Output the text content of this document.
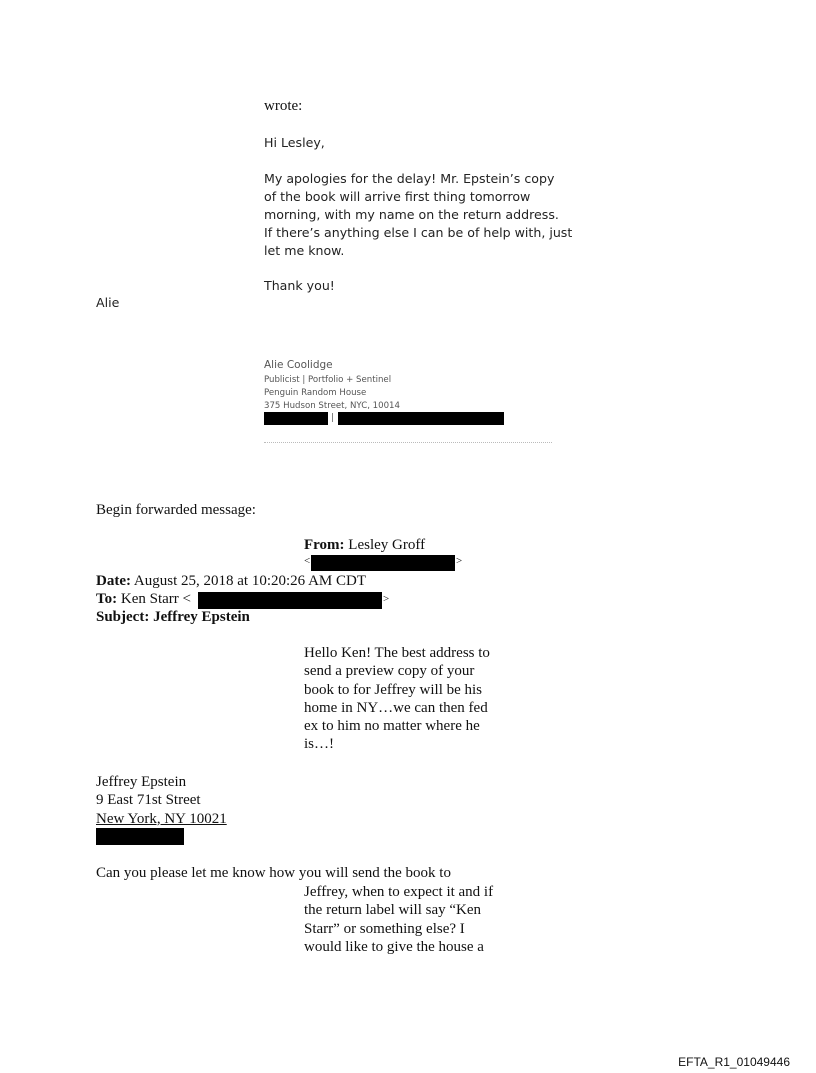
wrote:
Hi Lesley,
My apologies for the delay! Mr. Epstein’s copy
of the book will arrive first thing tomorrow
morning, with my name on the return address.
If there’s anything else I can be of help with, just
let me know.
Thank you!
Alie
Alie Coolidge
Publicist | Portfolio + Sentinel
Penguin Random House
375 Hudson Street, NYC, 10014
|
Begin forwarded message:
From: Lesley Groff
<	>
Date: August 25, 2018 at 10:20:26 AM CDT
To: Ken Starr <	>
Subject: Jeffrey Epstein
Hello Ken! The best address to
send a preview copy of your
book to for Jeffrey will be his
home in NY…we can then fed
ex to him no matter where he
is…!
Jeffrey Epstein
9 East 71st Street
New York, NY 10021
Can you please let me know how you will send the book to
Jeffrey, when to expect it and if
the return label will say “Ken
Starr” or something else? I
would like to give the house a
EFTA_R1_01049446
